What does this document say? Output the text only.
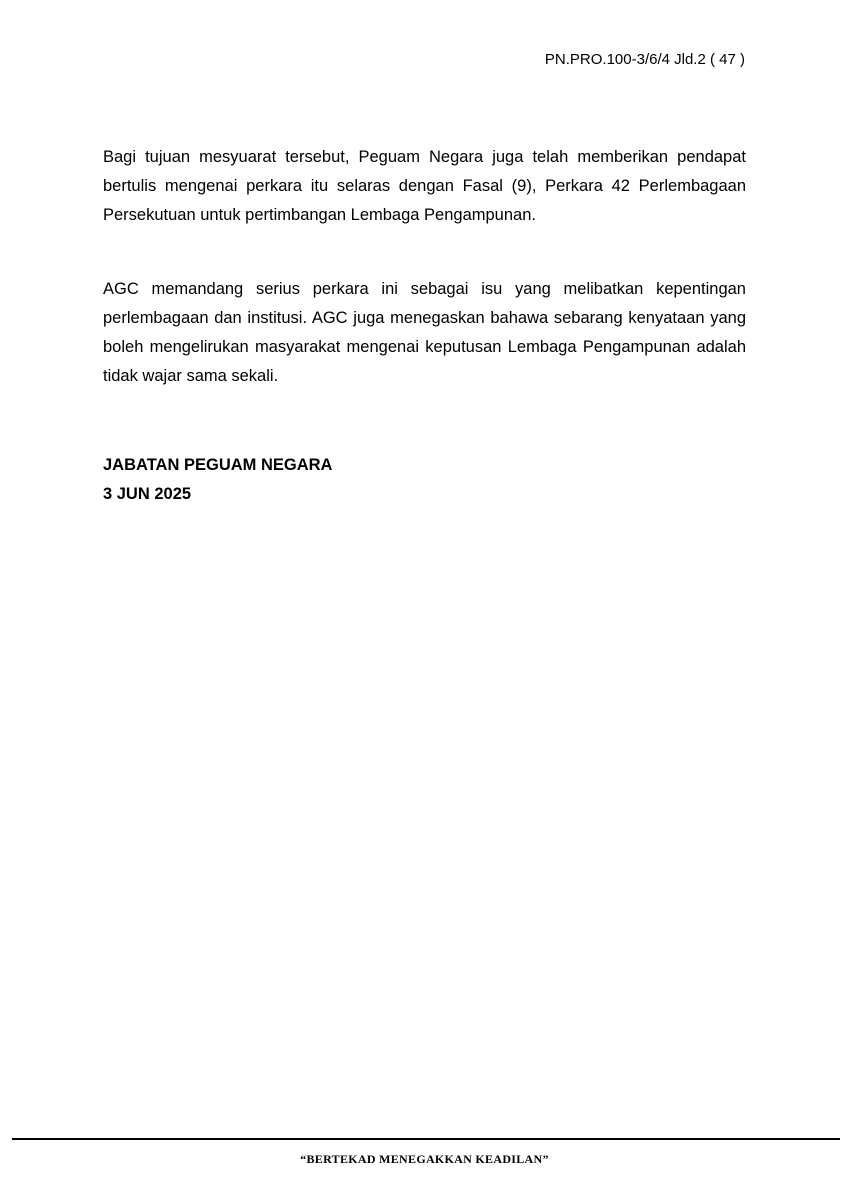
PN.PRO.100-3/6/4 Jld.2 ( 47 )

Bagi tujuan mesyuarat tersebut, Peguam Negara juga telah memberikan pendapat bertulis mengenai perkara itu selaras dengan Fasal (9), Perkara 42 Perlembagaan Persekutuan untuk pertimbangan Lembaga Pengampunan.

AGC memandang serius perkara ini sebagai isu yang melibatkan kepentingan perlembagaan dan institusi. AGC juga menegaskan bahawa sebarang kenyataan yang boleh mengelirukan masyarakat mengenai keputusan Lembaga Pengampunan adalah tidak wajar sama sekali.

JABATAN PEGUAM NEGARA
3 JUN 2025
“BERTEKAD MENEGAKKAN KEADILAN”
